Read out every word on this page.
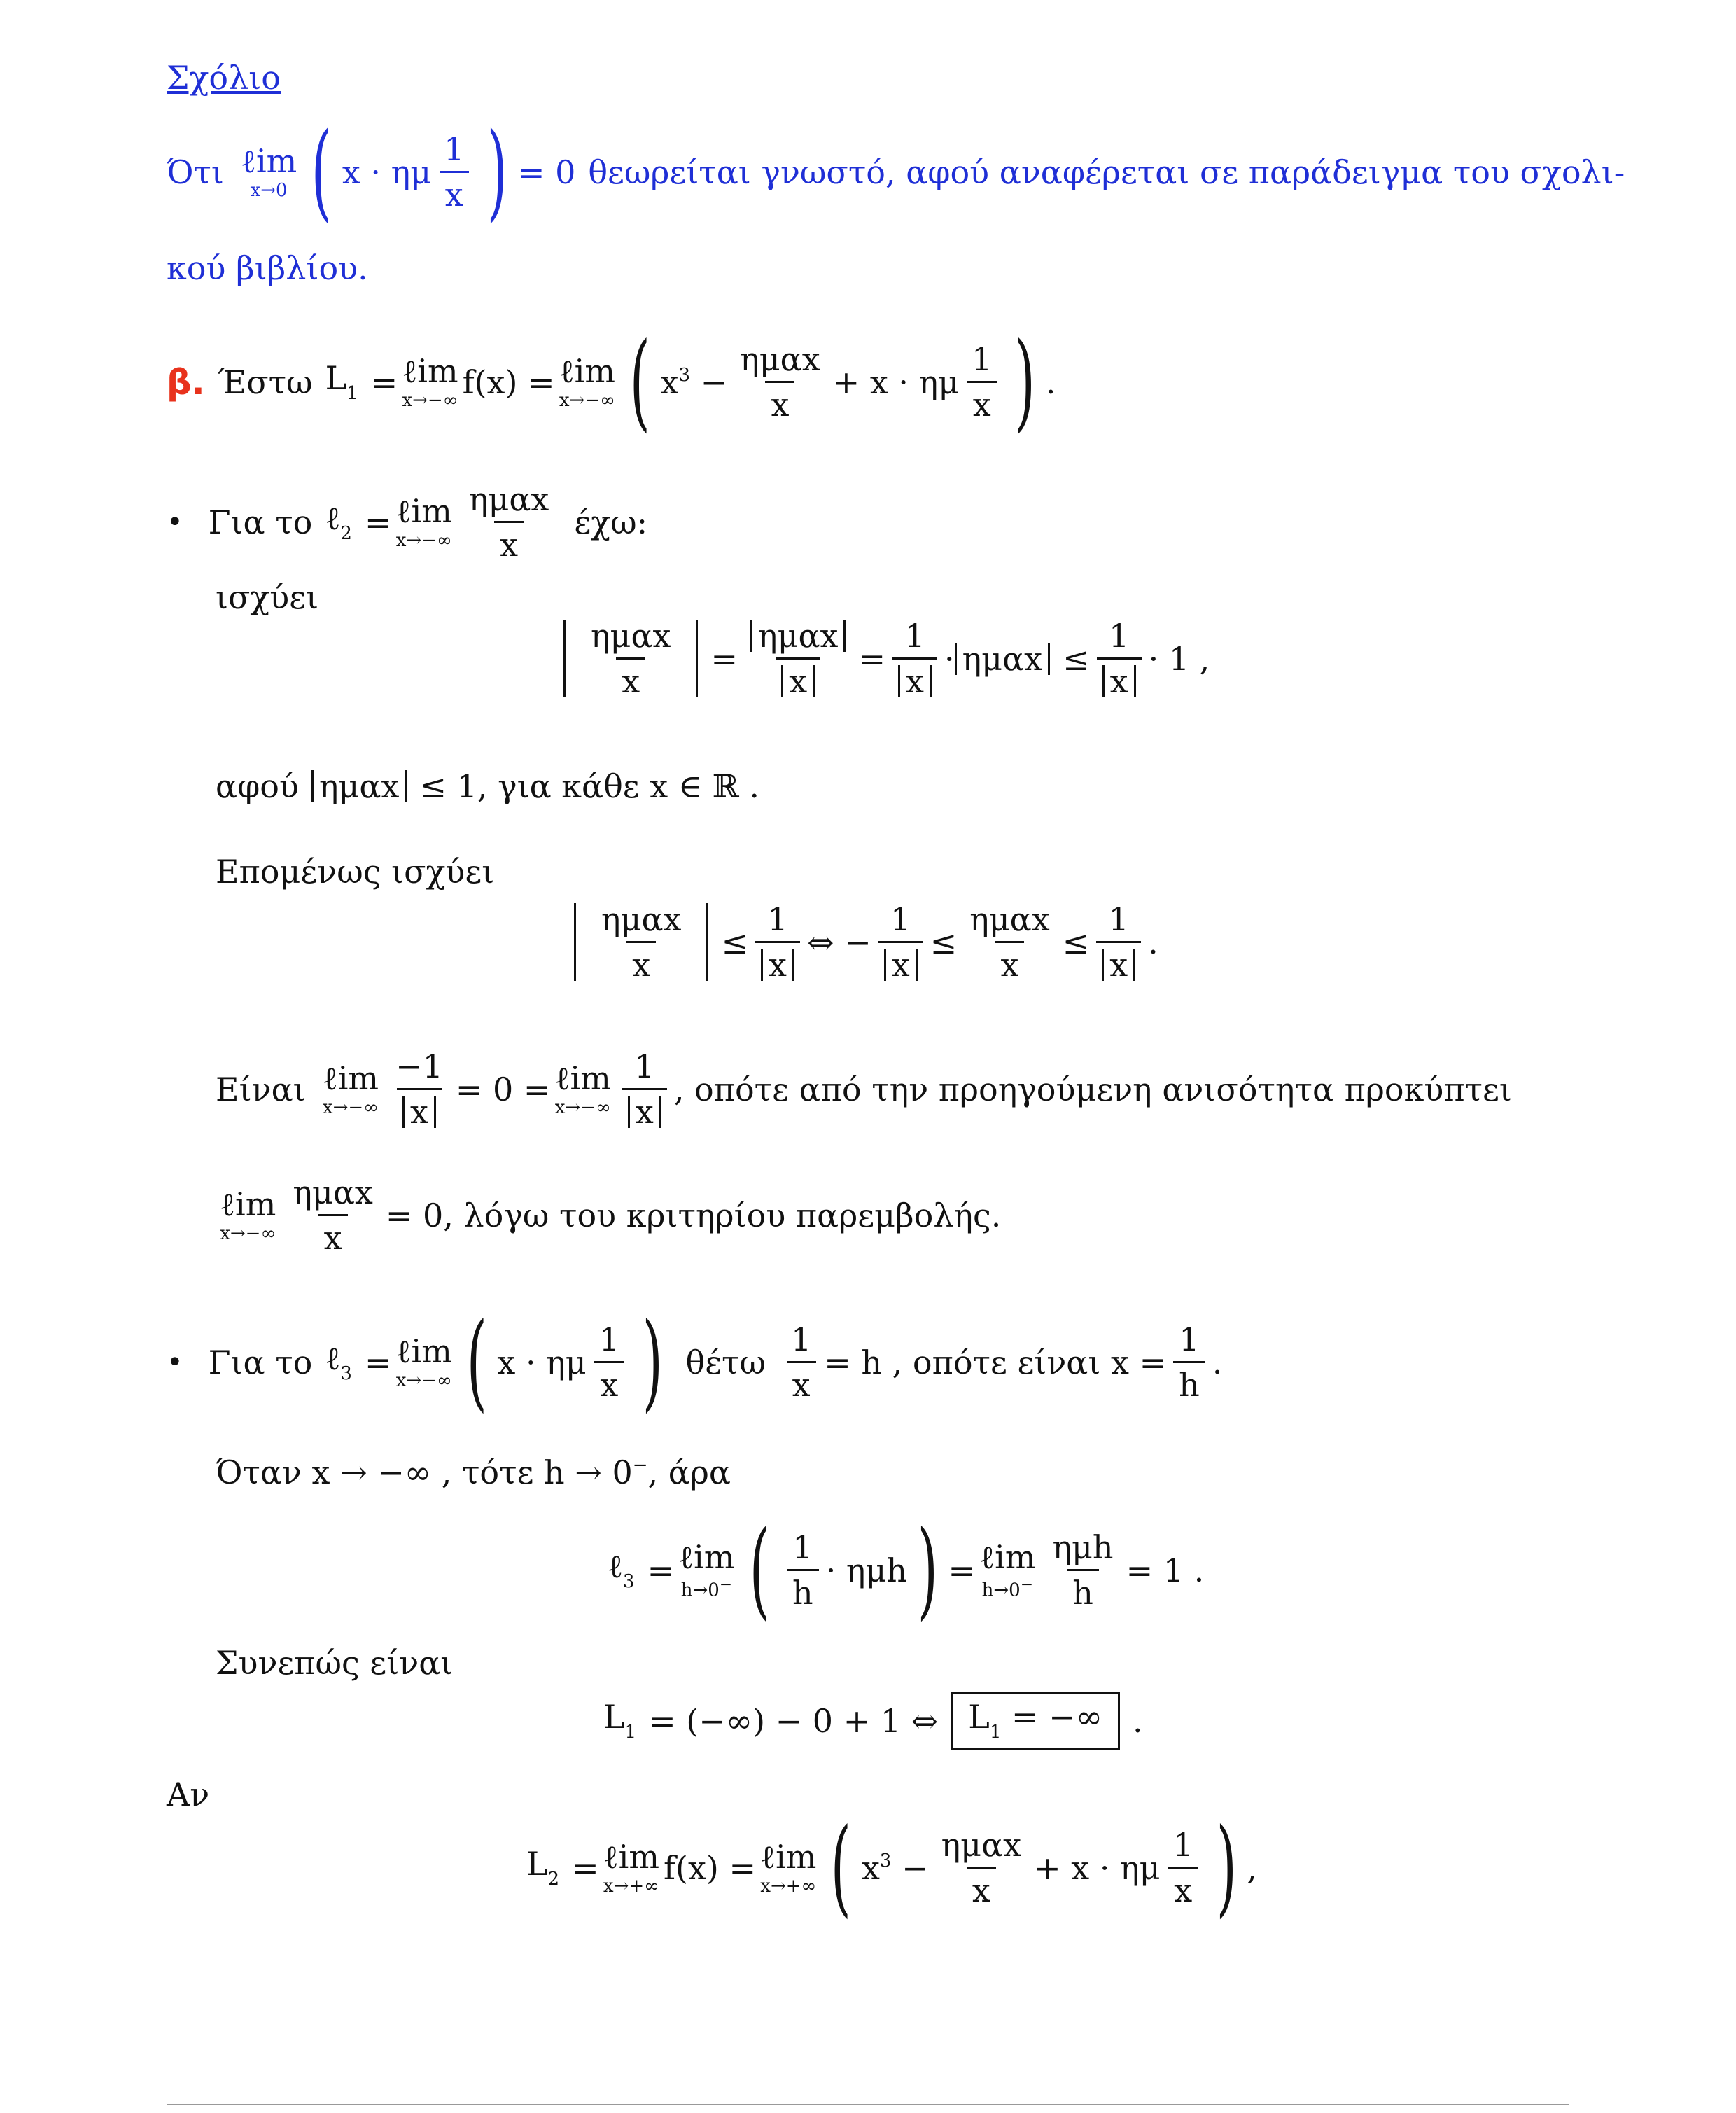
Σχόλιο
Ότι ℓim
x→0 ( x · ημ $\frac{1}{x}$ ) = 0 θεωρείται γνωστό, αφού αναφέρεται σε παράδειγμα του σχολι-
κού βιβλίου.
β. Έστω $L_1$ = ℓim
x→−∞ f(x) = ℓim
x→−∞ ( $x^3 - \frac{\text{ημαx}}{x} + x \cdot \eta\mu \frac{1}{x}$ ) .
• Για το ℓ$_2$ = ℓim
$x\to-\infty \frac{\text{ημαx}}{x} έ\chi\omega$:
ισχύει
$\frac{\text{ημαx}}{x} = \frac{\text{ημαx}}{x} = \frac{1}{x} \cdot \eta\mu\alpha x \le \frac{1}{x} \cdot 1$ ,
αφού ημαx ≤ 1, για κάθε x ∈ ℝ .
Επομένως ισχύει
$\frac{\text{ημαx}}{x} \le \frac{1}{x}$ ⇔ − $\frac{1}{x} \le \frac{\text{ημαx}}{x} \le \frac{1}{x}$ .
Είναι ℓim
$x\to-\infty \frac{-1}{x} = 0$ = ℓim
$x\to-\infty \frac{1}{x}$ , οπότε από την προηγούμενη ανισότητα προκύπτει
ℓim
$x\to-\infty \frac{\text{ημαx}}{x} = 0$, λόγω του κριτηρίου παρεμβολής.
• Για το ℓ$_3$ = ℓim
x→−∞ ( x · ημ $\frac{1}{x}$ ) θέτω $\frac{1}{x} = h$ , οπότε είναι $x = \frac{1}{h}$ .
Όταν x → −∞ , τότε h → 0−, άρα
ℓ$_3$ = ℓim
h→0− ( $\frac{1}{h} \cdot \eta\mu h$ ) = ℓim
$h\to 0^- \frac{\text{ημh}}{h} = 1$ .
Συνεπώς είναι
$L_1$ = (−∞) − 0 + 1 ⇔ $L_1$ = −∞ .
Αν
$L_2$ = ℓim
x→+∞ f(x) = ℓim
x→+∞ ( $x^3 - \frac{\text{ημαx}}{x} + x \cdot \eta\mu \frac{1}{x}$ ) ,
